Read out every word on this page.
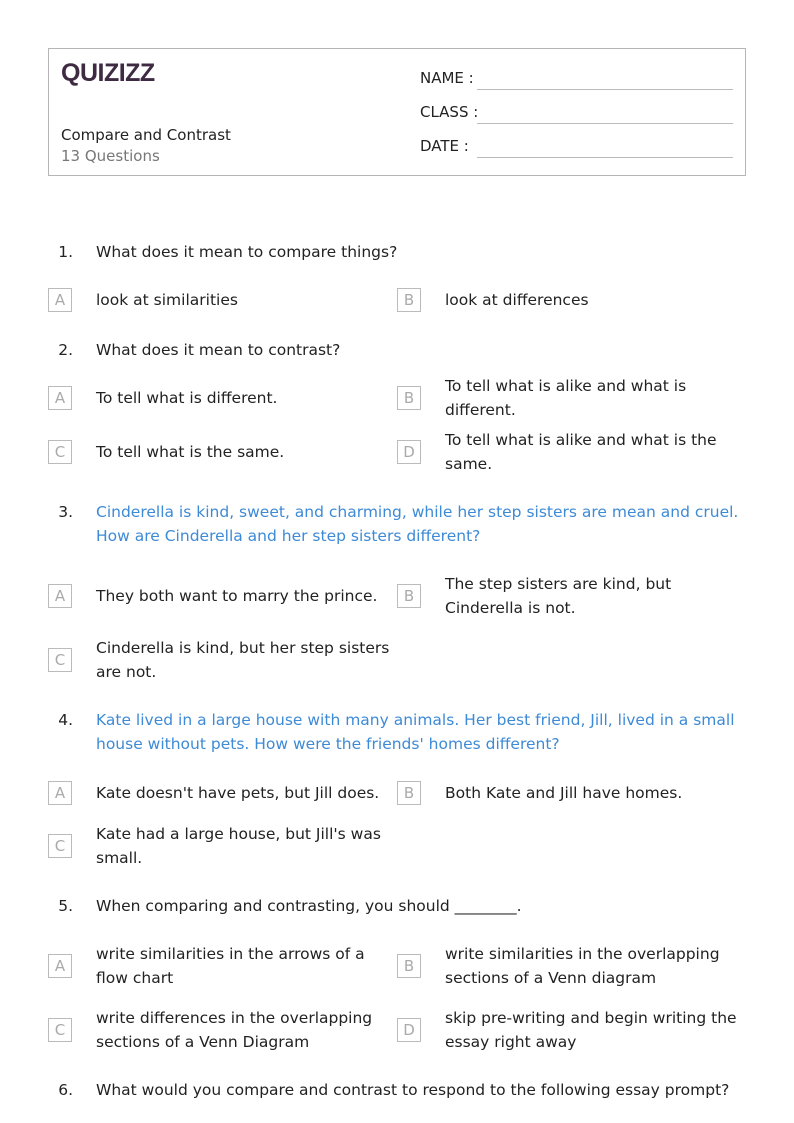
QUIZIZZ
Compare and Contrast
13 Questions
NAME :
CLASS :
DATE :
1. What does it mean to compare things?
A	look at similarities	B	look at differences
2. What does it mean to contrast?
A	To tell what is different.	B
To tell what is alike and what is different.
C	To tell what is the same.	D
To tell what is alike and what is the same.
3. Cinderella is kind, sweet, and charming, while her step sisters are mean and cruel. How are Cinderella and her step sisters different?
A	They both want to marry the prince.	B
The step sisters are kind, but Cinderella is not.
C
Cinderella is kind, but her step sisters are not.
4. Kate lived in a large house with many animals. Her best friend, Jill, lived in a small house without pets. How were the friends' homes different?
A	Kate doesn't have pets, but Jill does.	B	Both Kate and Jill have homes.
C
Kate had a large house, but Jill's was small.
5. When comparing and contrasting, you should ________.
A
write similarities in the arrows of a flow chart
B
write similarities in the overlapping sections of a Venn diagram
C
write differences in the overlapping sections of a Venn Diagram
D
skip pre-writing and begin writing the essay right away
6. What would you compare and contrast to respond to the following essay prompt?
